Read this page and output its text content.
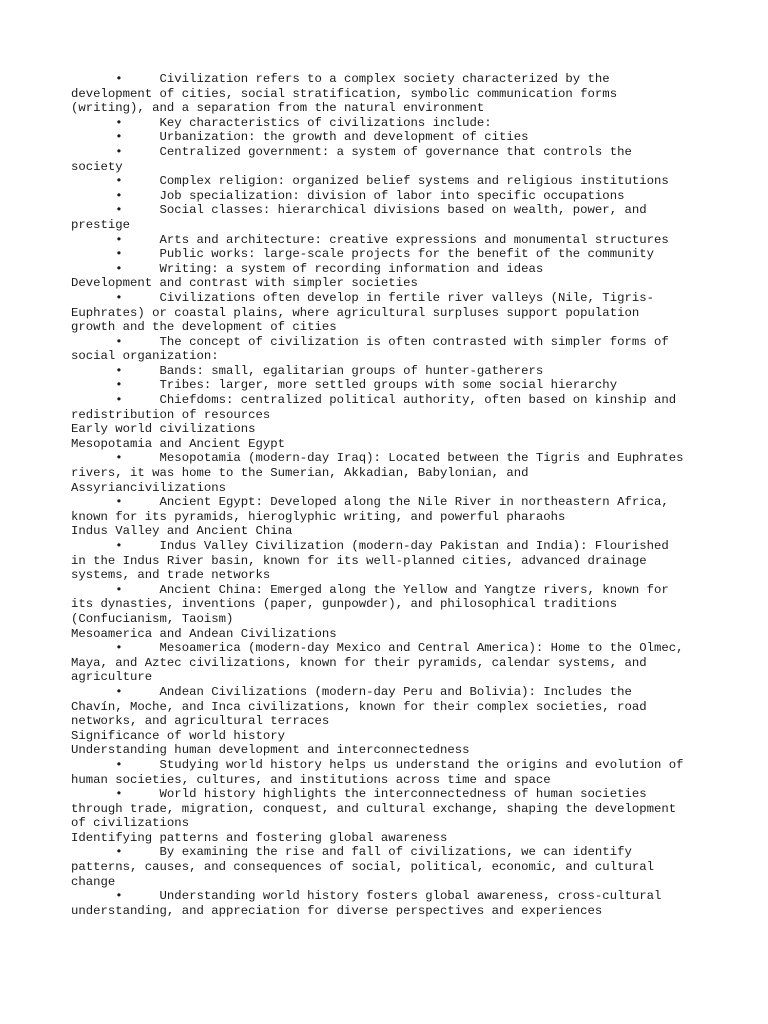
•     Civilization refers to a complex society characterized by the
development of cities, social stratification, symbolic communication forms
(writing), and a separation from the natural environment
•     Key characteristics of civilizations include:
•     Urbanization: the growth and development of cities
•     Centralized government: a system of governance that controls the
society
•     Complex religion: organized belief systems and religious institutions
•     Job specialization: division of labor into specific occupations
•     Social classes: hierarchical divisions based on wealth, power, and
prestige
•     Arts and architecture: creative expressions and monumental structures
•     Public works: large-scale projects for the benefit of the community
•     Writing: a system of recording information and ideas
Development and contrast with simpler societies
•     Civilizations often develop in fertile river valleys (Nile, Tigris-
Euphrates) or coastal plains, where agricultural surpluses support population
growth and the development of cities
•     The concept of civilization is often contrasted with simpler forms of
social organization:
•     Bands: small, egalitarian groups of hunter-gatherers
•     Tribes: larger, more settled groups with some social hierarchy
•     Chiefdoms: centralized political authority, often based on kinship and
redistribution of resources
Early world civilizations
Mesopotamia and Ancient Egypt
•     Mesopotamia (modern-day Iraq): Located between the Tigris and Euphrates
rivers, it was home to the Sumerian, Akkadian, Babylonian, and
Assyriancivilizations
•     Ancient Egypt: Developed along the Nile River in northeastern Africa,
known for its pyramids, hieroglyphic writing, and powerful pharaohs
Indus Valley and Ancient China
•     Indus Valley Civilization (modern-day Pakistan and India): Flourished
in the Indus River basin, known for its well-planned cities, advanced drainage
systems, and trade networks
•     Ancient China: Emerged along the Yellow and Yangtze rivers, known for
its dynasties, inventions (paper, gunpowder), and philosophical traditions
(Confucianism, Taoism)
Mesoamerica and Andean Civilizations
•     Mesoamerica (modern-day Mexico and Central America): Home to the Olmec,
Maya, and Aztec civilizations, known for their pyramids, calendar systems, and
agriculture
•     Andean Civilizations (modern-day Peru and Bolivia): Includes the
Chavín, Moche, and Inca civilizations, known for their complex societies, road
networks, and agricultural terraces
Significance of world history
Understanding human development and interconnectedness
•     Studying world history helps us understand the origins and evolution of
human societies, cultures, and institutions across time and space
•     World history highlights the interconnectedness of human societies
through trade, migration, conquest, and cultural exchange, shaping the development
of civilizations
Identifying patterns and fostering global awareness
•     By examining the rise and fall of civilizations, we can identify
patterns, causes, and consequences of social, political, economic, and cultural
change
•     Understanding world history fosters global awareness, cross-cultural
understanding, and appreciation for diverse perspectives and experiences
